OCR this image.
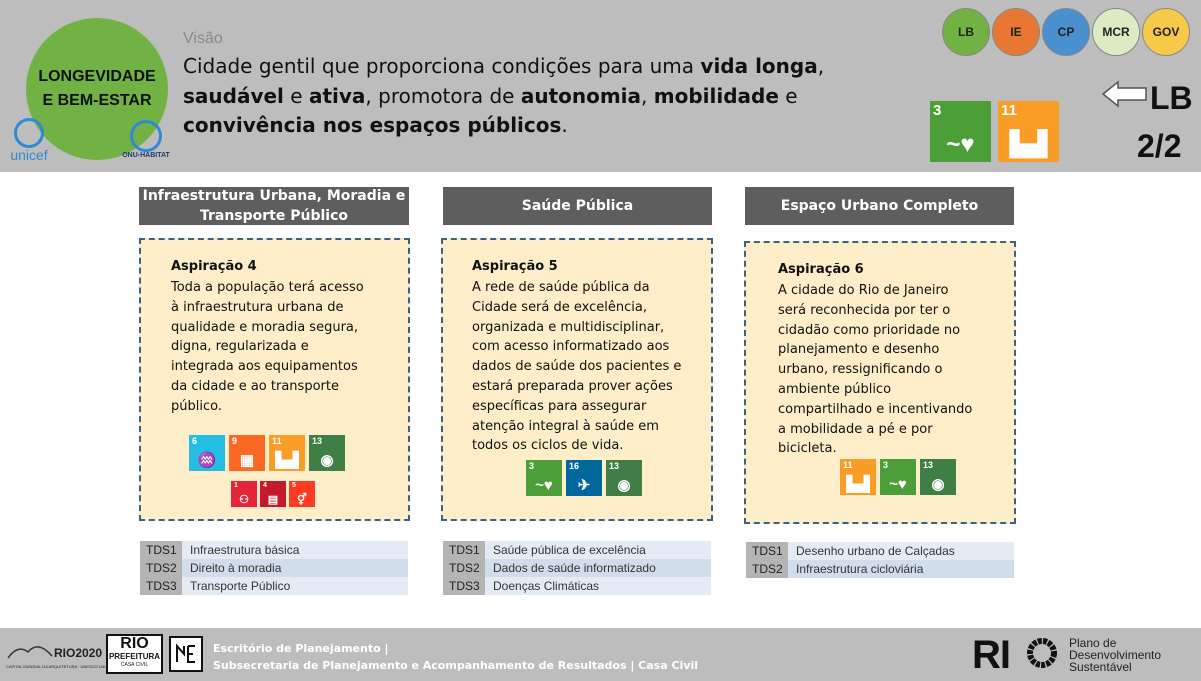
LONGEVIDADE
E BEM-ESTAR
unicef	ONU-HABITAT
Visão
Cidade gentil que proporciona condições para uma vida longa,
saudável e ativa, promotora de autonomia, mobilidade e
convivência nos espaços públicos.
LB	IE	CP MCR GOV
LB
2/2
3
~♥
11
▙▟
Infraestrutura Urbana, Moradia e
Transporte Público
Aspiração 4
Toda a população terá acesso
à infraestrutura urbana de
qualidade e moradia segura,
digna, regularizada e
integrada aos equipamentos
da cidade e ao transporte
público.
6
♒
9
▦
11
▙▟
13
◉
1
⚇
4
▤
5
⚥
TDS1	Infraestrutura básica
TDS2	Direito à moradia
TDS3	Transporte Público
Saúde Pública
Aspiração 5
A rede de saúde pública da
Cidade será de excelência,
organizada e multidisciplinar,
com acesso informatizado aos
dados de saúde dos pacientes e
estará preparada prover ações
específicas para assegurar
atenção integral à saúde em
todos os ciclos de vida.
3
~♥
16
✈
13
◉
TDS1	Saúde pública de excelência
TDS2	Dados de saúde informatizado
TDS3	Doenças Climáticas
Espaço Urbano Completo
Aspiração 6
A cidade do Rio de Janeiro
será reconhecida por ter o
cidadão como prioridade no
planejamento e desenho
urbano, ressignificando o
ambiente público
compartilhado e incentivando
a mobilidade a pé e por
bicicleta.
11
▙▟
3
~♥
13
◉
TDS1	Desenho urbano de Calçadas
TDS2	Infraestrutura cicloviária
RIO2020
CAPITAL MUNDIAL DA ARQUITETURA · UNESCO UIA
RIO
PREFEITURA
CASA CIVIL
Escritório de Planejamento |
Subsecretaria de Planejamento e Acompanhamento de Resultados | Casa Civil	RI	Plano de
Desenvolvimento
Sustentável
